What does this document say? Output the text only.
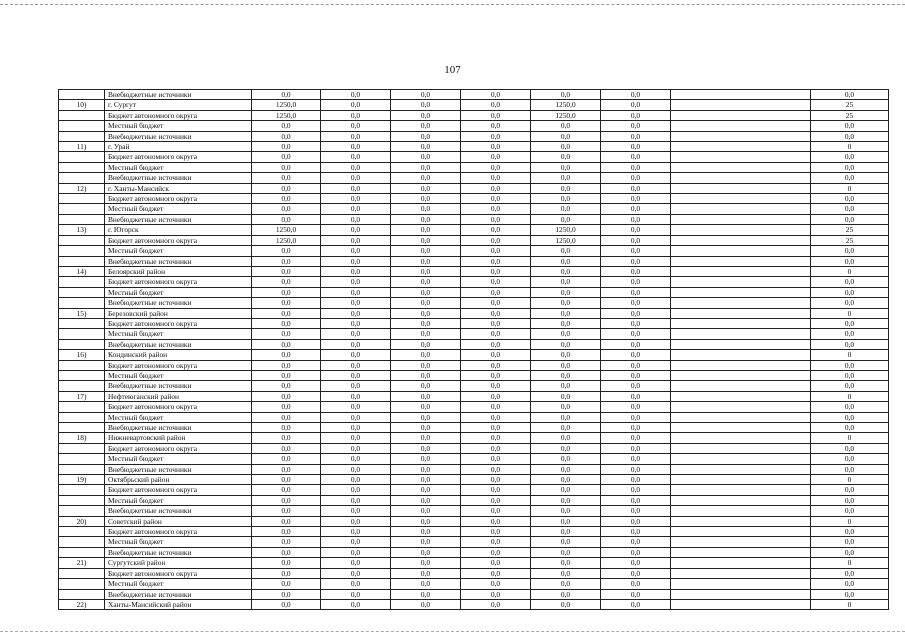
107
	Внебюджетные источники	0,0	0,0	0,0	0,0	0,0	0,0		0,0
10)	г. Сургут	1250,0	0,0	0,0	0,0	1250,0	0,0		25
	Бюджет автономного округа	1250,0	0,0	0,0	0,0	1250,0	0,0		25
	Местный бюджет	0,0	0,0	0,0	0,0	0,0	0,0		0,0
	Внебюджетные источники	0,0	0,0	0,0	0,0	0,0	0,0		0,0
11)	г. Урай	0,0	0,0	0,0	0,0	0,0	0,0		0
	Бюджет автономного округа	0,0	0,0	0,0	0,0	0,0	0,0		0,0
	Местный бюджет	0,0	0,0	0,0	0,0	0,0	0,0		0,0
	Внебюджетные источники	0,0	0,0	0,0	0,0	0,0	0,0		0,0
12)	г. Ханты-Мансийск	0,0	0,0	0,0	0,0	0,0	0,0		0
	Бюджет автономного округа	0,0	0,0	0,0	0,0	0,0	0,0		0,0
	Местный бюджет	0,0	0,0	0,0	0,0	0,0	0,0		0,0
	Внебюджетные источники	0,0	0,0	0,0	0,0	0,0	0,0		0,0
13)	г. Югорск	1250,0	0,0	0,0	0,0	1250,0	0,0		25
	Бюджет автономного округа	1250,0	0,0	0,0	0,0	1250,0	0,0		25
	Местный бюджет	0,0	0,0	0,0	0,0	0,0	0,0		0,0
	Внебюджетные источники	0,0	0,0	0,0	0,0	0,0	0,0		0,0
14)	Белоярский район	0,0	0,0	0,0	0,0	0,0	0,0		0
	Бюджет автономного округа	0,0	0,0	0,0	0,0	0,0	0,0		0,0
	Местный бюджет	0,0	0,0	0,0	0,0	0,0	0,0		0,0
	Внебюджетные источники	0,0	0,0	0,0	0,0	0,0	0,0		0,0
15)	Березовский район	0,0	0,0	0,0	0,0	0,0	0,0		0
	Бюджет автономного округа	0,0	0,0	0,0	0,0	0,0	0,0		0,0
	Местный бюджет	0,0	0,0	0,0	0,0	0,0	0,0		0,0
	Внебюджетные источники	0,0	0,0	0,0	0,0	0,0	0,0		0,0
16)	Кондинский район	0,0	0,0	0,0	0,0	0,0	0,0		0
	Бюджет автономного округа	0,0	0,0	0,0	0,0	0,0	0,0		0,0
	Местный бюджет	0,0	0,0	0,0	0,0	0,0	0,0		0,0
	Внебюджетные источники	0,0	0,0	0,0	0,0	0,0	0,0		0,0
17)	Нефтеюганский район	0,0	0,0	0,0	0,0	0,0	0,0		0
	Бюджет автономного округа	0,0	0,0	0,0	0,0	0,0	0,0		0,0
	Местный бюджет	0,0	0,0	0,0	0,0	0,0	0,0		0,0
	Внебюджетные источники	0,0	0,0	0,0	0,0	0,0	0,0		0,0
18)	Нижневартовский район	0,0	0,0	0,0	0,0	0,0	0,0		0
	Бюджет автономного округа	0,0	0,0	0,0	0,0	0,0	0,0		0,0
	Местный бюджет	0,0	0,0	0,0	0,0	0,0	0,0		0,0
	Внебюджетные источники	0,0	0,0	0,0	0,0	0,0	0,0		0,0
19)	Октябрьский район	0,0	0,0	0,0	0,0	0,0	0,0		0
	Бюджет автономного округа	0,0	0,0	0,0	0,0	0,0	0,0		0,0
	Местный бюджет	0,0	0,0	0,0	0,0	0,0	0,0		0,0
	Внебюджетные источники	0,0	0,0	0,0	0,0	0,0	0,0		0,0
20)	Советский район	0,0	0,0	0,0	0,0	0,0	0,0		0
	Бюджет автономного округа	0,0	0,0	0,0	0,0	0,0	0,0		0,0
	Местный бюджет	0,0	0,0	0,0	0,0	0,0	0,0		0,0
	Внебюджетные источники	0,0	0,0	0,0	0,0	0,0	0,0		0,0
21)	Сургутский район	0,0	0,0	0,0	0,0	0,0	0,0		0
	Бюджет автономного округа	0,0	0,0	0,0	0,0	0,0	0,0		0,0
	Местный бюджет	0,0	0,0	0,0	0,0	0,0	0,0		0,0
	Внебюджетные источники	0,0	0,0	0,0	0,0	0,0	0,0		0,0
22)	Ханты-Мансийский район	0,0	0,0	0,0	0,0	0,0	0,0		0
